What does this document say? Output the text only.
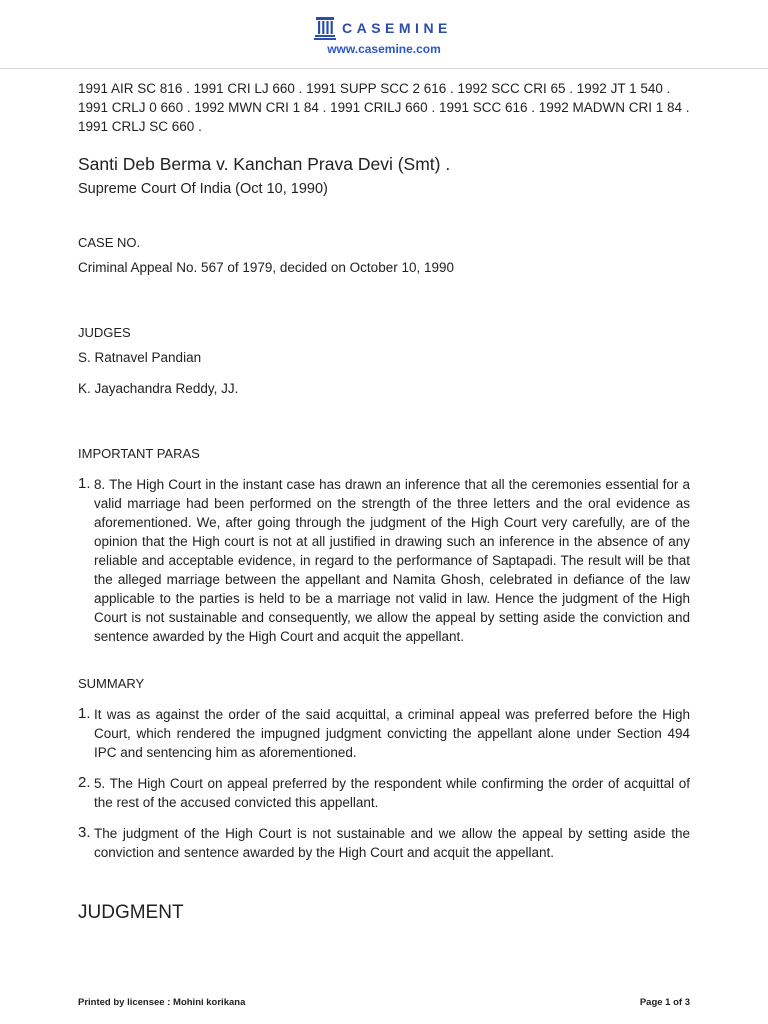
CASEMINE
www.casemine.com

1991 AIR SC 816 . 1991 CRI LJ 660 . 1991 SUPP SCC 2 616 . 1992 SCC CRI 65 . 1992 JT 1 540 . 1991 CRLJ 0 660 . 1992 MWN CRI 1 84 . 1991 CRILJ 660 . 1991 SCC 616 . 1992 MADWN CRI 1 84 . 1991 CRLJ SC 660 .

Santi Deb Berma v. Kanchan Prava Devi (Smt) .
Supreme Court Of India (Oct 10, 1990)
CASE NO.
Criminal Appeal No. 567 of 1979, decided on October 10, 1990
JUDGES
S. Ratnavel Pandian
K. Jayachandra Reddy, JJ.
IMPORTANT PARAS
1. 8. The High Court in the instant case has drawn an inference that all the ceremonies essential for a valid marriage had been performed on the strength of the three letters and the oral evidence as aforementioned. We, after going through the judgment of the High Court very carefully, are of the opinion that the High court is not at all justified in drawing such an inference in the absence of any reliable and acceptable evidence, in regard to the performance of Saptapadi. The result will be that the alleged marriage between the appellant and Namita Ghosh, celebrated in defiance of the law applicable to the parties is held to be a marriage not valid in law. Hence the judgment of the High Court is not sustainable and consequently, we allow the appeal by setting aside the conviction and sentence awarded by the High Court and acquit the appellant.
SUMMARY
1. It was as against the order of the said acquittal, a criminal appeal was preferred before the High Court, which rendered the impugned judgment convicting the appellant alone under Section 494 IPC and sentencing him as aforementioned.
2. 5. The High Court on appeal preferred by the respondent while confirming the order of acquittal of the rest of the accused convicted this appellant.
3. The judgment of the High Court is not sustainable and we allow the appeal by setting aside the conviction and sentence awarded by the High Court and acquit the appellant.
JUDGMENT
Printed by licensee : Mohini korikana	Page 1 of 3
